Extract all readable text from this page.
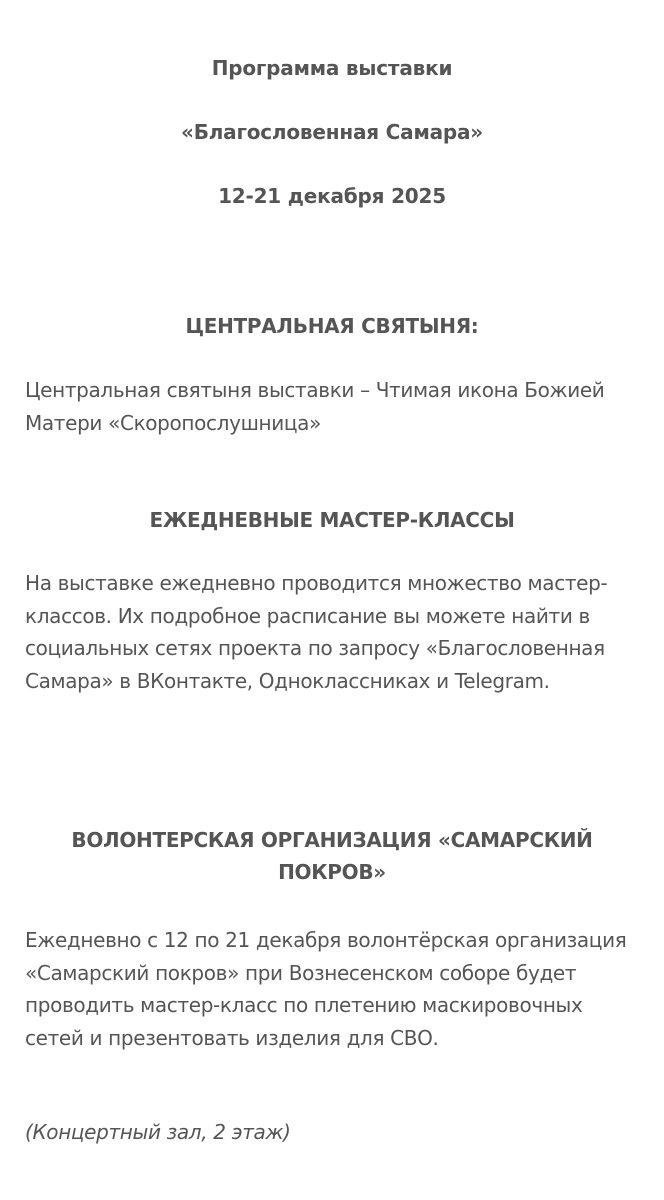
Программа выставки
«Благословенная Самара»
12-21 декабря 2025
ЦЕНТРАЛЬНАЯ СВЯТЫНЯ:
Центральная святыня выставки – Чтимая икона Божией Матери «Скоропослушница»
ЕЖЕДНЕВНЫЕ МАСТЕР-КЛАССЫ
На выставке ежедневно проводится множество мастер-классов. Их подробное расписание вы можете найти в социальных сетях проекта по запросу «Благословенная Самара» в ВКонтакте, Одноклассниках и Telegram.
ВОЛОНТЕРСКАЯ ОРГАНИЗАЦИЯ «САМАРСКИЙ ПОКРОВ»
Ежедневно с 12 по 21 декабря волонтёрская организация «Самарский покров» при Вознесенском соборе будет проводить мастер-класс по плетению маскировочных сетей и презентовать изделия для СВО.
(Концертный зал, 2 этаж)
